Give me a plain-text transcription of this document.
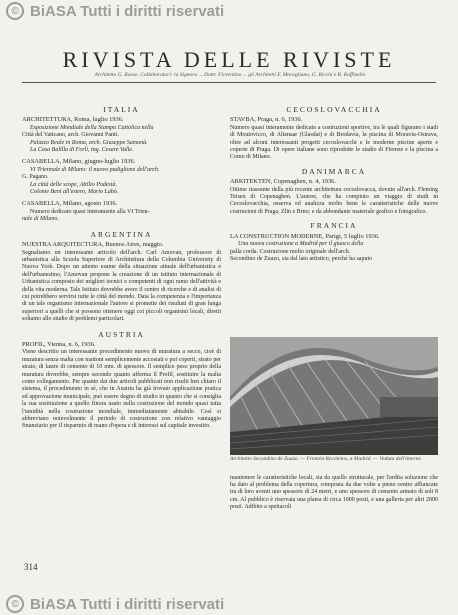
© BiASA Tutti i diritti riservati
RIVISTA DELLE RIVISTE
Architetto G. Rosso. Collaboratori: la Signora ... Dottr. Fiorentino ... gli Architetti F. Maragliano, G. Ricchi e R. Ruffinello
ITALIA
ARCHITETTURA, Roma, luglio 1936.
Esposizione Mondiale della Stampa Cattolica nella
Città del Vaticano, arch. Giovanni Panti.
Palazzo Reale in Roma, arch. Giuseppe Samonà.
La Casa Balilla di Forlì, ing. Cesare Valle.
CASABELLA, Milano, giugno-luglio 1936.
VI Triennale di Milano: il nuovo padiglione dell'arch.
G. Pagano.
La città delle scope, Attilio Podestà.
Colonie Beni all'estero, Mario Labò.
CASABELLA, Milano, agosto 1936.
Numero dedicato quasi interamente alla VI Trien-
nale di Milano.
ARGENTINA
NUESTRA ARQUITECTURA, Buenos Aires, maggio.
Segnaliamo un interessante articolo dell'arch. Carl Amovan, professore di urbanistica alla Scuola Superiore di Architettura della Columbia University di Nuova York. Dopo un attento esame della situazione attuale dell'urbanistica e dell'urbanesimo, l'Amovan propone la creazione di un istituto internazionale di Urbanistica composto dei migliori tecnici e competenti di ogni ramo dell'attività e della vita moderna. Tale Istituto dovrebbe avere il centro di ricerche e di analisi di cui potrebbero servirsi tutte le città del mondo. Data la competenza e l'importanza di un tale organismo internazionale l'autore si promette dei risultati di gran lunga superiori a quelli che si possono ottenere oggi coi piccoli organismi locali, diretti soltanto allo studio di problemi particolari.
AUSTRIA
PROFIL, Vienna, n. 6, 1936.
Viene descritto un interessante procedimento nuovo di muratura a secco, cioè di muratura senza malta con mattoni semplicemente accostati e poi coperti, strato per strato, di lastre di cemento di 10 mm. di spessore. Il semplice peso proprio della muratura dovrebbe, sempre secondo quanto afferma il Profil, sostituire la malta come collegamento. Per quanto dai due articoli pubblicati non risulti ben chiaro il sistema, il procedimento in sè, che in Austria ha già trovato applicazione pratica ed approvazione municipale, può essere degno di studio in quanto che si consiglia la sua sostituzione a quello finora usato nella costruzione del mondo quasi tutta l'umidità nella costruzione mondiale, immediatamente abitabile. Così si abbreviano notevolmente il periodo di costruzione con relativo vantaggio finanziario per il risparmio di mano d'opera e di interessi sul capitale investito.
CECOSLOVACCHIA
STAVBA, Praga, n. 6, 1936.
Numero quasi interamente dedicato a costruzioni sportive, tra le quali figurano i stadi di Moutovicco, di Altenaar (Glasdat) e di Brodavia, la piscina di Moravia-Ostrava, oltre ad alcuni interessanti progetti cecoslovacchi e le moderne piscine aperte e coperte di Praga. Di opere italiane sono riprodotte le stadio di Firenze e la piscina a Como di Milano.
DANIMARCA
ARKITEKTEN, Copenaghen, n. 4, 1936.
Ottime riassunte della più recente architettura cecoslovacca, dovuto all'arch. Fleming Teisen di Copenaghen. L'autore, che ha compiuto un viaggio di studi in Cecoslovacchia, osserva ed analizza molto bene le caratteristiche delle nuove costruzioni di Praga, Zlin e Brno; e da abbondante materiale grafico e fotografico.
FRANCIA
LA CONSTRUCTION MODERNE, Parigi, 5 luglio 1936.
Una nuova costruzione a Madrid per il giuoco della
palla corda. Costruzione molto originale dell'arch.
Secondino de Zuazo, sia dal lato artistico, perchè ha saputo
Architetto Secondino de Zuazo. — Frontón Recoletos, a Madrid. — Veduta dell'interno
mantenere le caratteristiche locali, sia da quello strutturale, per l'ardita soluzione che ha dato al problema della copertura, composta da due volte a pieno centro affiancate tra di loro aventi uno spessore di 24 metri, e uno spessore di cemento armato di soli 8 cm. Al pubblico è riservata una platea di circa 1000 posti, e una galleria per altri 2000 posti. Adibito a spettacoli
314
© BiASA Tutti i diritti riservati
